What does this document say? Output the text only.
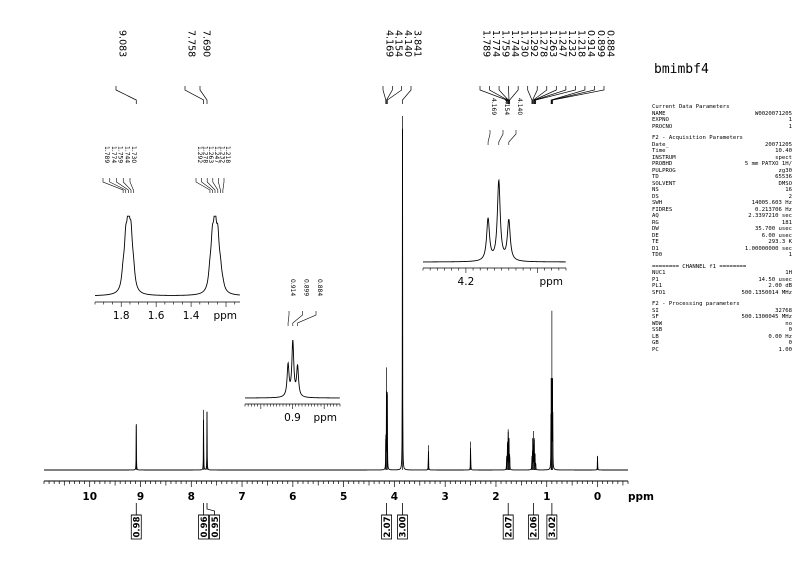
9.083	7.758 7.690	4.169
4.154
4.140
3.841	1.789
1.774
1.759
1.744
1.730
1.292
1.278
1.263
1.247
1.232
1.218
0.914
0.899
0.884
1.8 1.6 1.4 ppm
1.789 1.774 1.759 1.744 1.730	1.292
1.278
1.263
1.247
1.232
1.218
0.9 ppm
0.914 0.899 0.884	4.2	ppm
4.169 4.154 4.140
10	9	8	7	6	5	4	3	2	1	0	ppm
0.98	0.96 0.95	2.07 3.00	2.07 2.06 3.02
bmimbf4
Current Data Parameters
NAME	W0020071205
EXPNO	1
PROCNO	1
F2 - Acquisition Parameters
Date_	20071205
Time	10.40
INSTRUM	spect
PROBHD	5 mm PATXO 1H/
PULPROG	zg30
TD	65536
SOLVENT	DMSO
NS	16
DS	2
SWH	14005.603 Hz
FIDRES	0.213706 Hz
AQ	2.3397210 sec
RG	181
DW	35.700 usec
DE	6.00 usec
TE	293.3 K
D1	1.00000000 sec
TD0	1
======== CHANNEL f1 ========
NUC1	1H
P1	14.50 usec
PL1	2.00 dB
SFO1	500.1350014 MHz
F2 - Processing parameters
SI	32768
SF	500.1300045 MHz
WDW	no
SSB	0
LB	0.00 Hz
GB	0
PC	1.00
